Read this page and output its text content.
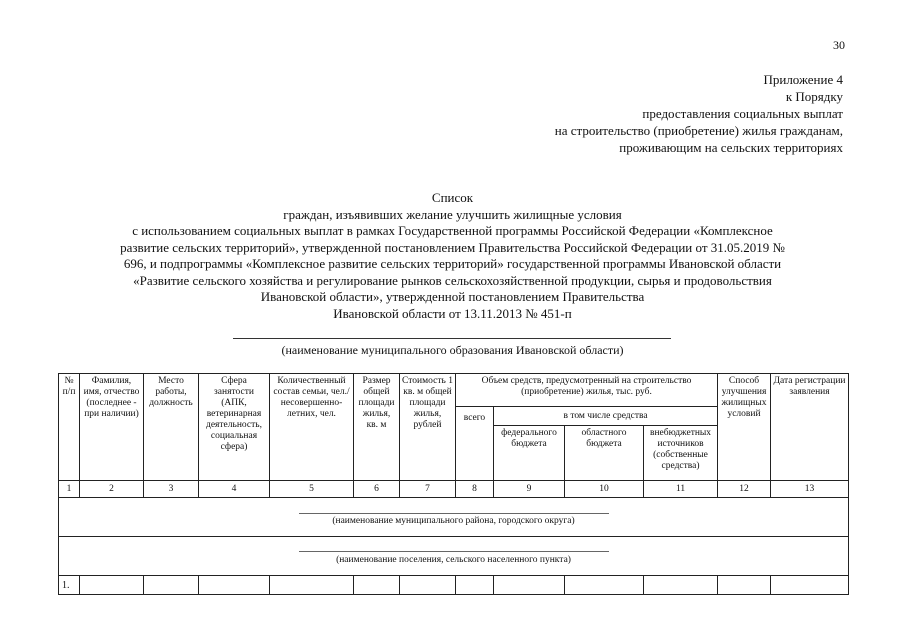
30
Приложение 4
к Порядку
предоставления социальных выплат
на строительство (приобретение) жилья гражданам,
проживающим на сельских территориях
Список
граждан, изъявивших желание улучшить жилищные условия
с использованием социальных выплат в рамках Государственной программы Российской Федерации «Комплексное
развитие сельских территорий», утвержденной постановлением Правительства Российской Федерации от 31.05.2019 №
696, и подпрограммы «Комплексное развитие сельских территорий» государственной программы Ивановской области
«Развитие сельского хозяйства и регулирование рынков сельскохозяйственной продукции, сырья и продовольствия
Ивановской области», утвержденной постановлением Правительства
Ивановской области от 13.11.2013 № 451-п
(наименование муниципального образования Ивановской области)
№ п/п	Фамилия, имя, отчество (последнее - при наличии)	Место работы, должность	Сфера занятости (АПК, ветеринарная деятельность, социальная сфера)	Количественный состав семьи, чел./ несовершенно-летних, чел.	Размер общей площади жилья, кв. м	Стоимость 1 кв. м общей площади жилья, рублей	Объем средств, предусмотренный на строительство (приобретение) жилья, тыс. руб.				Способ улучшения жилищных условий	Дата регистрации заявления
							всего	в том числе средства				
								федерального бюджета	областного бюджета	внебюджетных источников (собственные средства)		
1	2	3	4	5	6	7	8	9	10	11	12	13

(наименование муниципального района, городского округа)												

(наименование поселения, сельского населенного пункта)												

1.												
